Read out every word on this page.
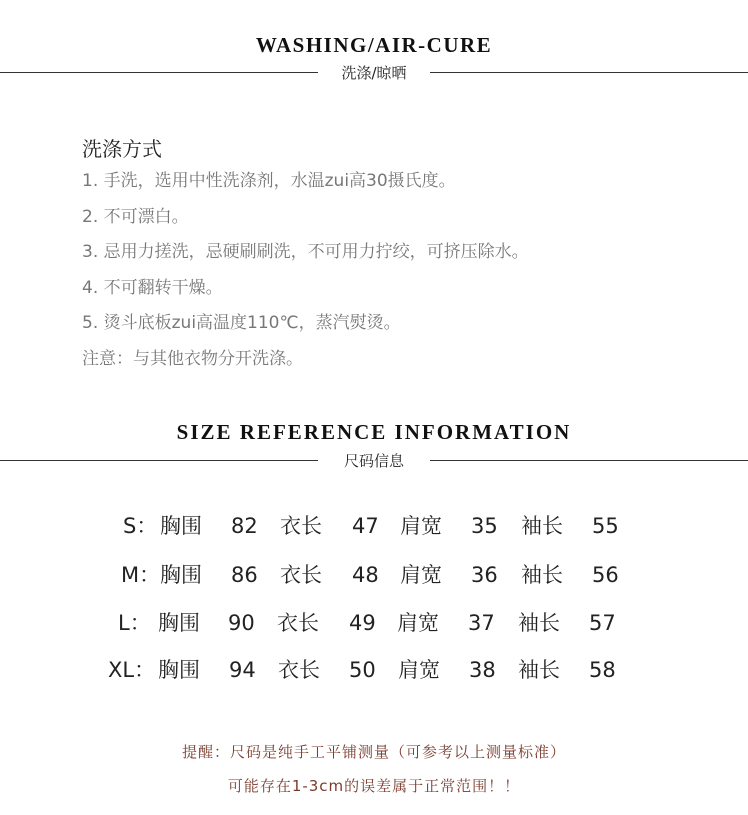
WASHING/AIR-CURE
洗涤/晾晒
洗涤方式
1. 手洗，选用中性洗涤剂，水温zui高30摄氏度。
2. 不可漂白。
3. 忌用力搓洗，忌硬刷刷洗，不可用力拧绞，可挤压除水。
4. 不可翻转干燥。
5. 烫斗底板zui高温度110℃，蒸汽熨烫。
注意：与其他衣物分开洗涤。
SIZE REFERENCE INFORMATION
尺码信息
S： 胸围 82 衣长 47 肩宽 35 袖长 55
M： 胸围 86 衣长 48 肩宽 36 袖长 56
L： 胸围 90 衣长 49 肩宽 37 袖长 57
XL： 胸围 94 衣长 50 肩宽 38 袖长 58
提醒：尺码是纯手工平铺测量（可参考以上测量标准）
可能存在1-3cm的误差属于正常范围！！
